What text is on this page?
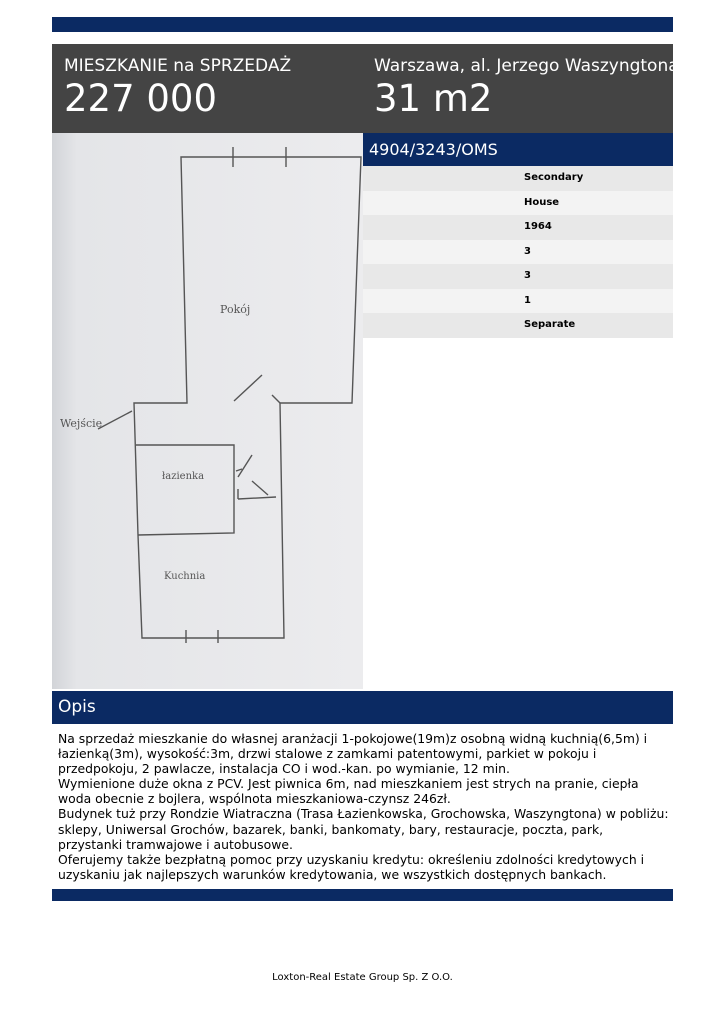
MIESZKANIE na SPRZEDAŻ
227 000
Warszawa, al. Jerzego Waszyngtona
31 m2
Pokój
Wejście
łazienka
Kuchnia
4904/3243/OMS
Secondary
House
1964
3
3
1
Separate
Opis

Na sprzedaż mieszkanie do własnej aranżacji 1-pokojowe(19m)z osobną widną kuchnią(6,5m) i łazienką(3m), wysokość:3m, drzwi stalowe z zamkami patentowymi, parkiet w pokoju i przedpokoju, 2 pawlacze, instalacja CO i wod.-kan. po wymianie, 12 min.

Wymienione duże okna z PCV. Jest piwnica 6m, nad mieszkaniem jest strych na pranie, ciepła woda obecnie z bojlera, wspólnota mieszkaniowa-czynsz 246zł.

Budynek tuż przy Rondzie Wiatraczna (Trasa Łazienkowska, Grochowska, Waszyngtona) w pobliżu: sklepy, Uniwersal Grochów, bazarek, banki, bankomaty, bary, restauracje, poczta, park, przystanki tramwajowe i autobusowe.

Oferujemy także bezpłatną pomoc przy uzyskaniu kredytu: określeniu zdolności kredytowych i uzyskaniu jak najlepszych warunków kredytowania, we wszystkich dostępnych bankach.

Loxton-Real Estate Group Sp. Z O.O.
